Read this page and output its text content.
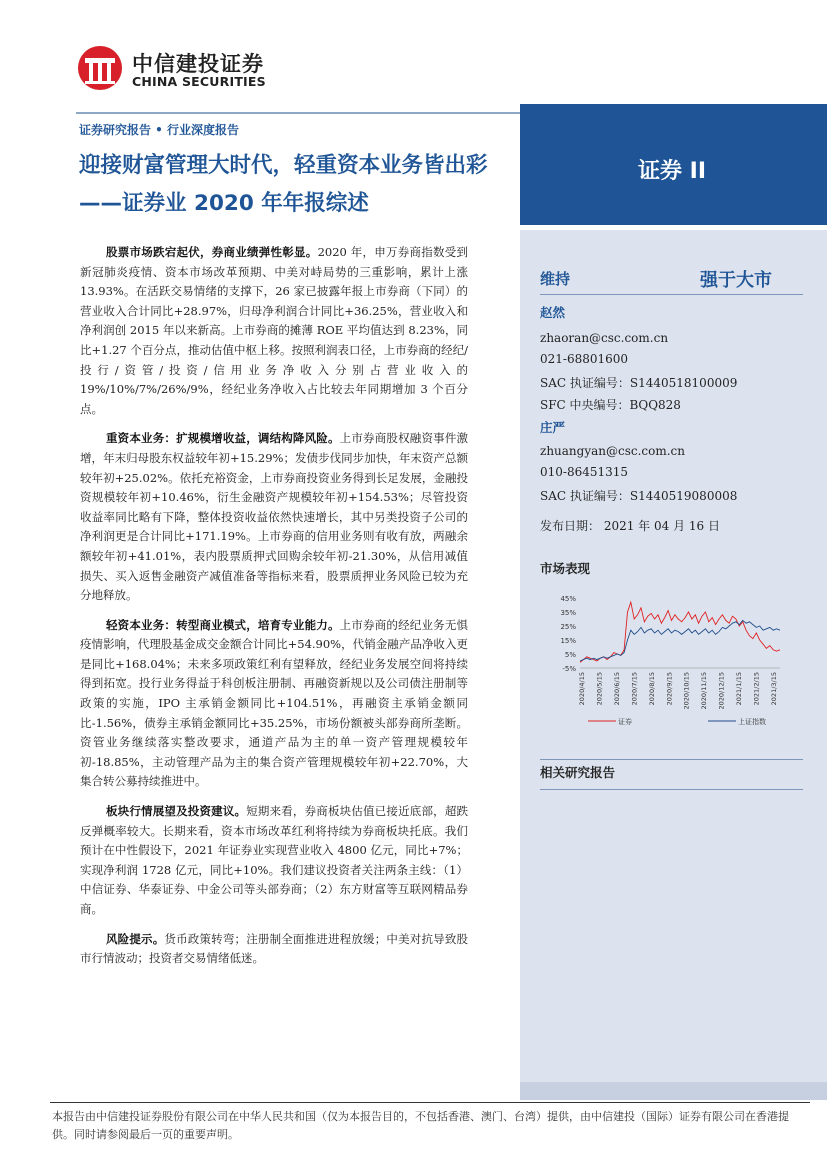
中信建投证券
CHINA SECURITIES
证券研究报告 • 行业深度报告
迎接财富管理大时代，轻重资本业务皆出彩——证券业 2020 年年报综述
证券 II
维持	强于大市
赵然
zhaoran@csc.com.cn
021-68801600
SAC 执证编号：S1440518100009
SFC 中央编号：BQQ828
庄严
zhuangyan@csc.com.cn
010-86451315
SAC 执证编号：S1440519080008
发布日期： 2021 年 04 月 16 日
市场表现
45%
35%
25%
15%
5%
-5%
2020/4/15 2020/5/15 2020/6/15 2020/7/15 2020/8/15 2020/9/15 2020/10/15 2020/11/15 2020/12/15 2021/1/15 2021/2/15 2021/3/15
证券	上证指数
相关研究报告

股票市场跌宕起伏，券商业绩弹性彰显。2020 年，申万券商指数受到新冠肺炎疫情、资本市场改革预期、中美对峙局势的三重影响，累计上涨 13.93%。在活跃交易情绪的支撑下，26 家已披露年报上市券商（下同）的营业收入合计同比+28.97%，归母净利润合计同比+36.25%，营业收入和净利润创 2015 年以来新高。上市券商的摊薄 ROE 平均值达到 8.23%，同比+1.27 个百分点，推动估值中枢上移。按照利润表口径，上市券商的经纪/投行/资管/投资/信用业务净收入分别占营业收入的 19%/10%/7%/26%/9%，经纪业务净收入占比较去年同期增加 3 个百分点。

重资本业务：扩规模增收益，调结构降风险。上市券商股权融资事件激增，年末归母股东权益较年初+15.29%；发债步伐同步加快，年末资产总额较年初+25.02%。依托充裕资金，上市券商投资业务得到长足发展，金融投资规模较年初+10.46%，衍生金融资产规模较年初+154.53%；尽管投资收益率同比略有下降，整体投资收益依然快速增长，其中另类投资子公司的净利润更是合计同比+171.19%。上市券商的信用业务则有收有放，两融余额较年初+41.01%，表内股票质押式回购余较年初-21.30%，从信用减值损失、买入返售金融资产减值准备等指标来看，股票质押业务风险已较为充分地释放。

轻资本业务：转型商业模式，培育专业能力。上市券商的经纪业务无惧疫情影响，代理股基金成交金额合计同比+54.90%，代销金融产品净收入更是同比+168.04%；未来多项政策红利有望释放，经纪业务发展空间将持续得到拓宽。投行业务得益于科创板注册制、再融资新规以及公司债注册制等政策的实施，IPO 主承销金额同比+104.51%，再融资主承销金额同比-1.56%，债券主承销金额同比+35.25%，市场份额被头部券商所垄断。资管业务继续落实整改要求，通道产品为主的单一资产管理规模较年初-18.85%，主动管理产品为主的集合资产管理规模较年初+22.70%，大集合转公募持续推进中。

板块行情展望及投资建议。短期来看，券商板块估值已接近底部，超跌反弹概率较大。长期来看，资本市场改革红利将持续为券商板块托底。我们预计在中性假设下，2021 年证券业实现营业收入 4800 亿元，同比+7%；实现净利润 1728 亿元，同比+10%。我们建议投资者关注两条主线：（1）中信证券、华泰证券、中金公司等头部券商；（2）东方财富等互联网精品券商。

风险提示。货币政策转弯；注册制全面推进进程放缓；中美对抗导致股市行情波动；投资者交易情绪低迷。

本报告由中信建投证券股份有限公司在中华人民共和国（仅为本报告目的，不包括香港、澳门、台湾）提供，由中信建投（国际）证券有限公司在香港提供。同时请参阅最后一页的重要声明。
